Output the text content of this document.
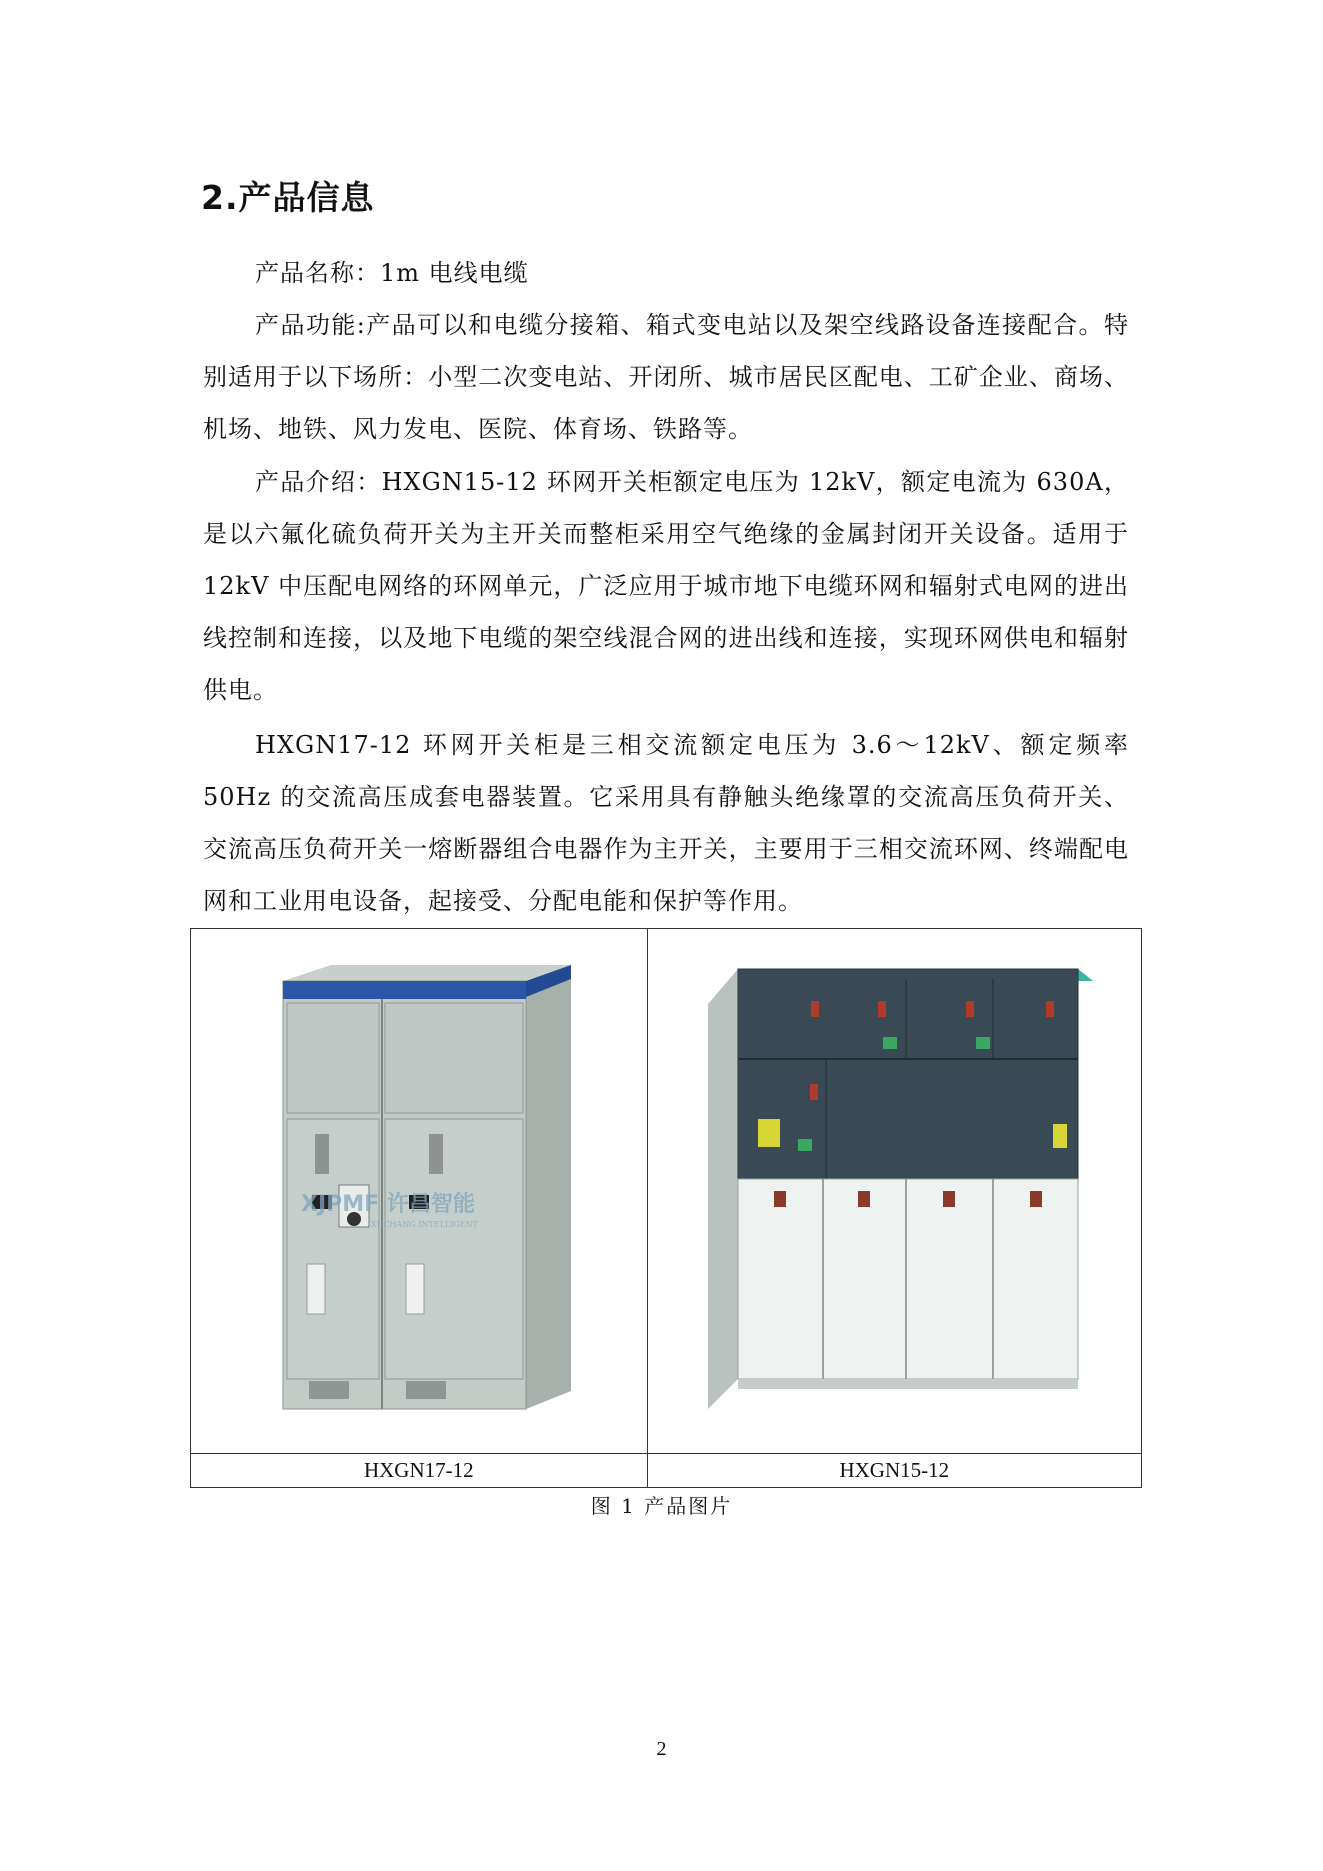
2.产品信息

产品名称：1m 电线电缆

产品功能:产品可以和电缆分接箱、箱式变电站以及架空线路设备连接配合。特别适用于以下场所：小型二次变电站、开闭所、城市居民区配电、工矿企业、商场、机场、地铁、风力发电、医院、体育场、铁路等。

产品介绍：HXGN15-12 环网开关柜额定电压为 12kV，额定电流为 630A，是以六氟化硫负荷开关为主开关而整柜采用空气绝缘的金属封闭开关设备。适用于 12kV 中压配电网络的环网单元，广泛应用于城市地下电缆环网和辐射式电网的进出线控制和连接，以及地下电缆的架空线混合网的进出线和连接，实现环网供电和辐射供电。

HXGN17-12 环网开关柜是三相交流额定电压为 3.6～12kV、额定频率 50Hz 的交流高压成套电器装置。它采用具有静触头绝缘罩的交流高压负荷开关、交流高压负荷开关一熔断器组合电器作为主开关，主要用于三相交流环网、终端配电网和工业用电设备，起接受、分配电能和保护等作用。

XJPMF 许昌智能
XUCHANG INTELLIGENT

HXGN17-12	HXGN15-12
图 1 产品图片
2
